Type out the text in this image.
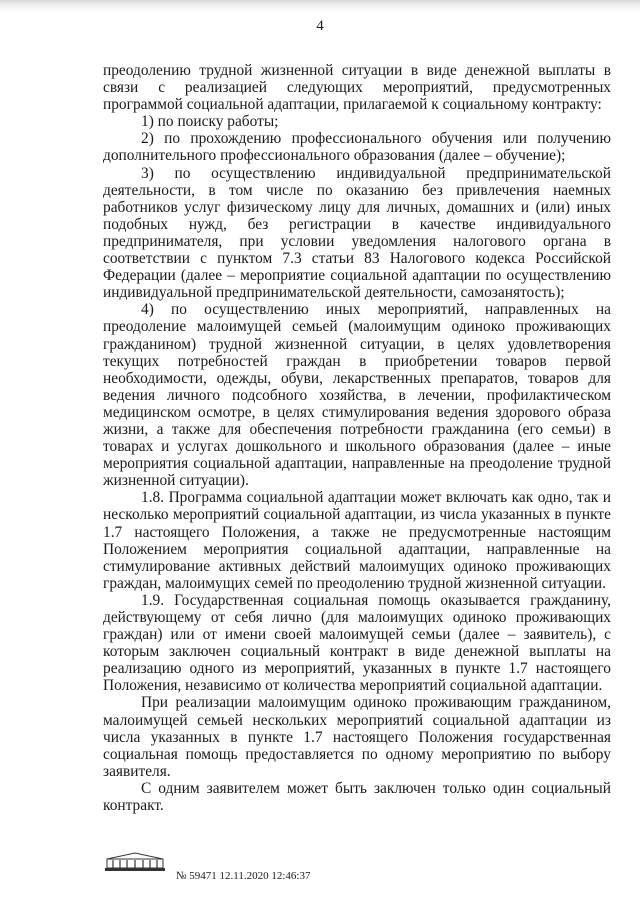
4

преодолению трудной жизненной ситуации в виде денежной выплаты в связи с реализацией следующих мероприятий, предусмотренных программой социальной адаптации, прилагаемой к социальному контракту:

1) по поиску работы;

2) по прохождению профессионального обучения или получению дополнительного профессионального образования (далее – обучение);

3) по осуществлению индивидуальной предпринимательской деятельности, в том числе по оказанию без привлечения наемных работников услуг физическому лицу для личных, домашних и (или) иных подобных нужд, без регистрации в качестве индивидуального предпринимателя, при условии уведомления налогового органа в соответствии с пунктом 7.3 статьи 83 Налогового кодекса Российской Федерации (далее – мероприятие социальной адаптации по осуществлению индивидуальной предпринимательской деятельности, самозанятость);

4) по осуществлению иных мероприятий, направленных на преодоление малоимущей семьей (малоимущим одиноко проживающих гражданином) трудной жизненной ситуации, в целях удовлетворения текущих потребностей граждан в приобретении товаров первой необходимости, одежды, обуви, лекарственных препаратов, товаров для ведения личного подсобного хозяйства, в лечении, профилактическом медицинском осмотре, в целях стимулирования ведения здорового образа жизни, а также для обеспечения потребности гражданина (его семьи) в товарах и услугах дошкольного и школьного образования (далее – иные мероприятия социальной адаптации, направленные на преодоление трудной жизненной ситуации).

1.8. Программа социальной адаптации может включать как одно, так и несколько мероприятий социальной адаптации, из числа указанных в пункте 1.7 настоящего Положения, а также не предусмотренные настоящим Положением мероприятия социальной адаптации, направленные на стимулирование активных действий малоимущих одиноко проживающих граждан, малоимущих семей по преодолению трудной жизненной ситуации.

1.9. Государственная социальная помощь оказывается гражданину, действующему от себя лично (для малоимущих одиноко проживающих граждан) или от имени своей малоимущей семьи (далее – заявитель), с которым заключен социальный контракт в виде денежной выплаты на реализацию одного из мероприятий, указанных в пункте 1.7 настоящего Положения, независимо от количества мероприятий социальной адаптации.

При реализации малоимущим одиноко проживающим гражданином, малоимущей семьей нескольких мероприятий социальной адаптации из числа указанных в пункте 1.7 настоящего Положения государственная социальная помощь предоставляется по одному мероприятию по выбору заявителя.

С одним заявителем может быть заключен только один социальный контракт.

№ 59471 12.11.2020 12:46:37
